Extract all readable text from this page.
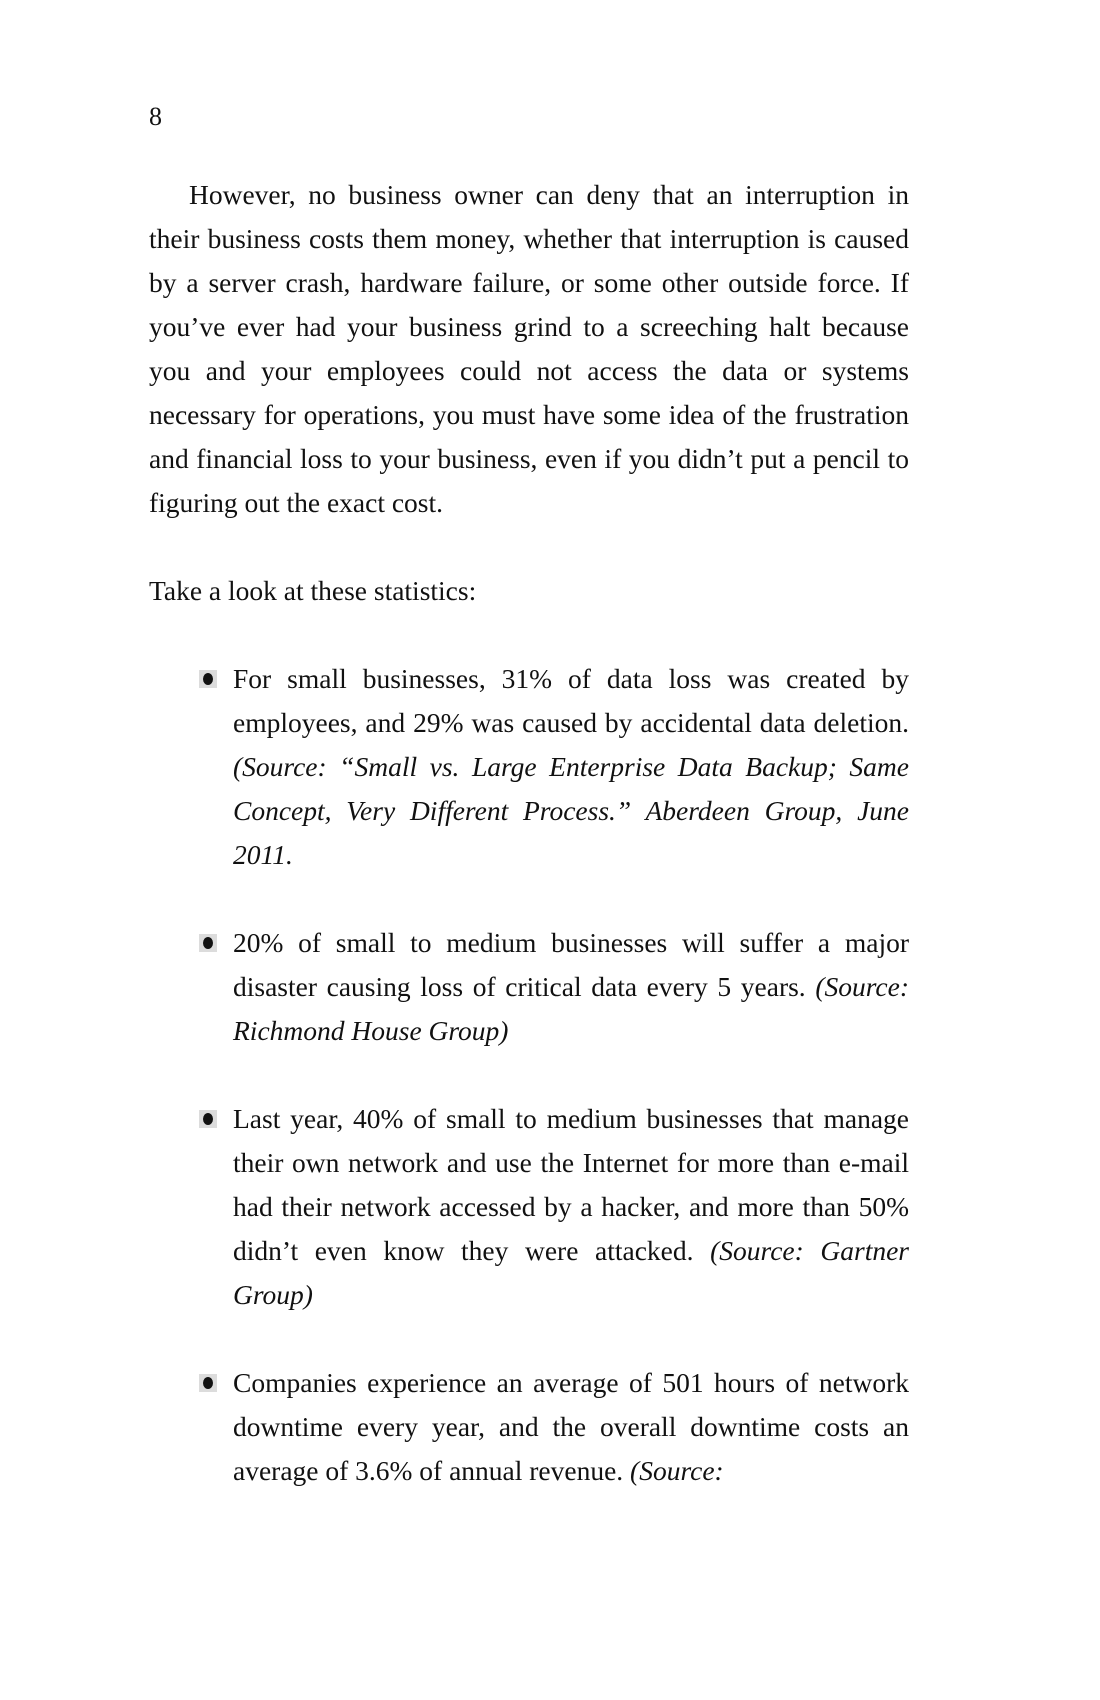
8

However, no business owner can deny that an interruption in their business costs them money, whether that interruption is caused by a server crash, hardware failure, or some other outside force. If you’ve ever had your business grind to a screeching halt because you and your employees could not access the data or systems necessary for operations, you must have some idea of the frustration and financial loss to your business, even if you didn’t put a pencil to figuring out the exact cost.

Take a look at these statistics:

For small businesses, 31% of data loss was created by employees, and 29% was caused by accidental data deletion. (Source: “Small vs. Large Enterprise Data Backup; Same Concept, Very Different Process.” Aberdeen Group, June 2011.
20% of small to medium businesses will suffer a major disaster causing loss of critical data every 5 years. (Source: Richmond House Group)
Last year, 40% of small to medium businesses that manage their own network and use the Internet for more than e-mail had their network accessed by a hacker, and more than 50% didn’t even know they were attacked. (Source: Gartner Group)
Companies experience an average of 501 hours of network downtime every year, and the overall downtime costs an average of 3.6% of annual revenue. (Source:
